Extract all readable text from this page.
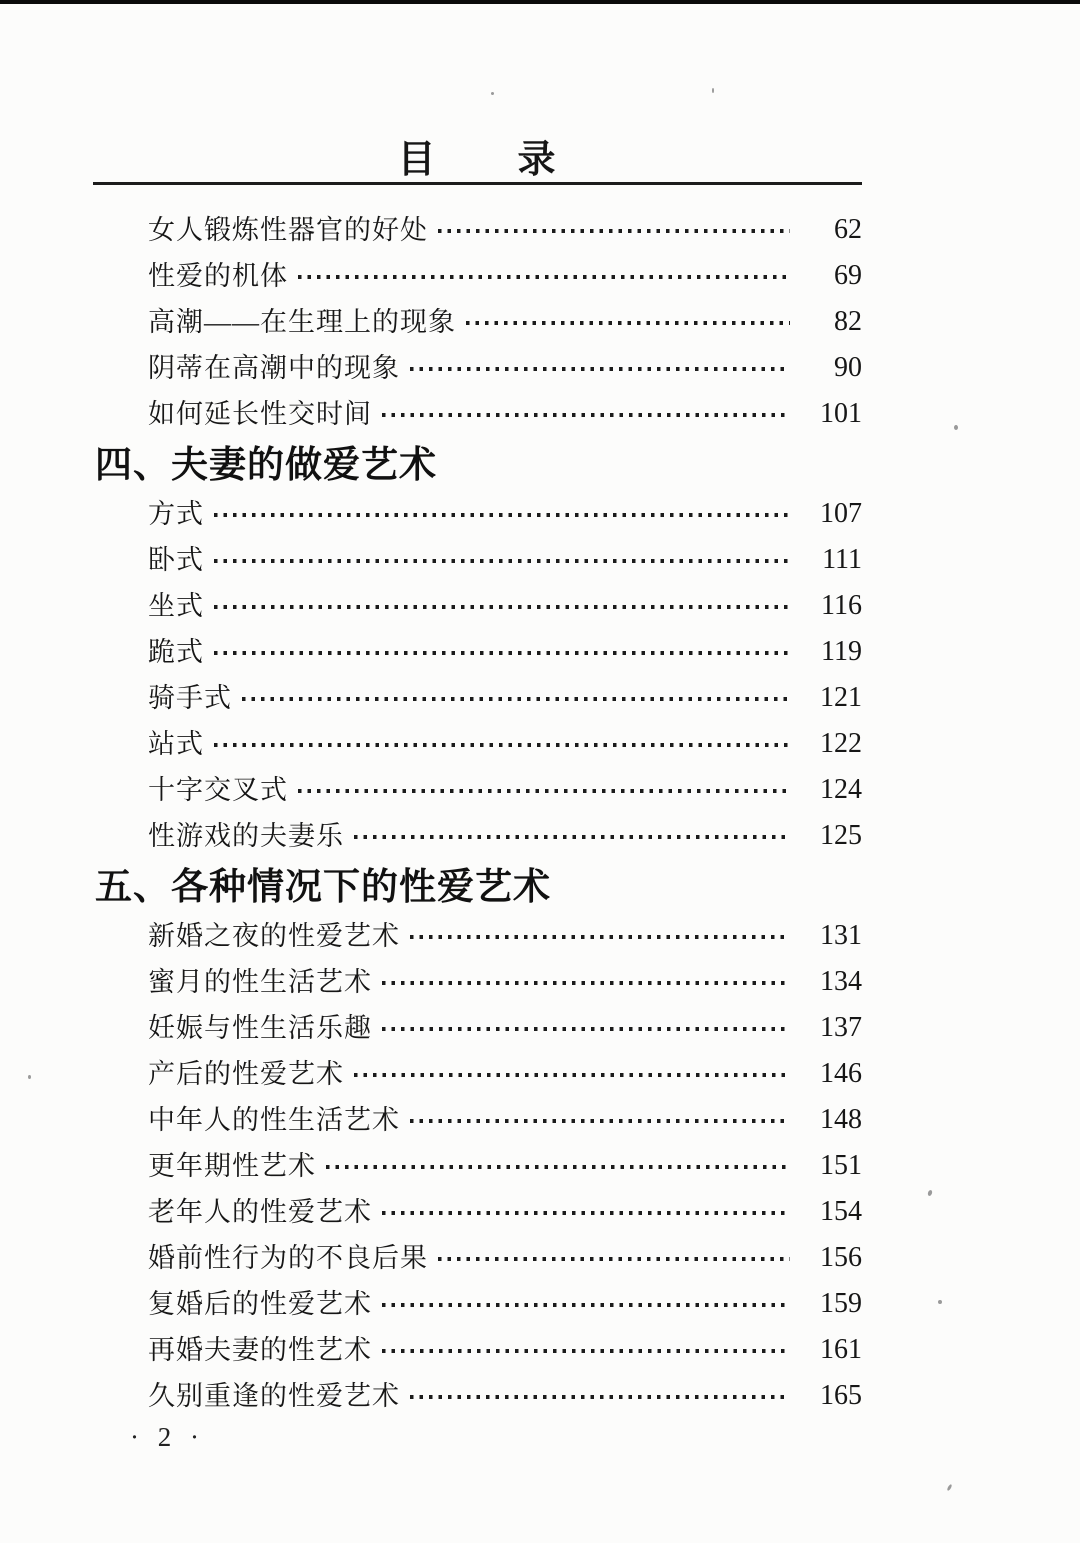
目　　录
女人锻炼性器官的好处	62
性爱的机体	69
高潮——在生理上的现象	82
阴蒂在高潮中的现象	90
如何延长性交时间	101
四、夫妻的做爱艺术
方式	107
卧式	111
坐式	116
跪式	119
骑手式	121
站式	122
十字交叉式	124
性游戏的夫妻乐	125
五、各种情况下的性爱艺术
新婚之夜的性爱艺术	131
蜜月的性生活艺术	134
妊娠与性生活乐趣	137
产后的性爱艺术	146
中年人的性生活艺术	148
更年期性艺术	151
老年人的性爱艺术	154
婚前性行为的不良后果	156
复婚后的性爱艺术	159
再婚夫妻的性艺术	161
久别重逢的性爱艺术	165
· 2 ·
